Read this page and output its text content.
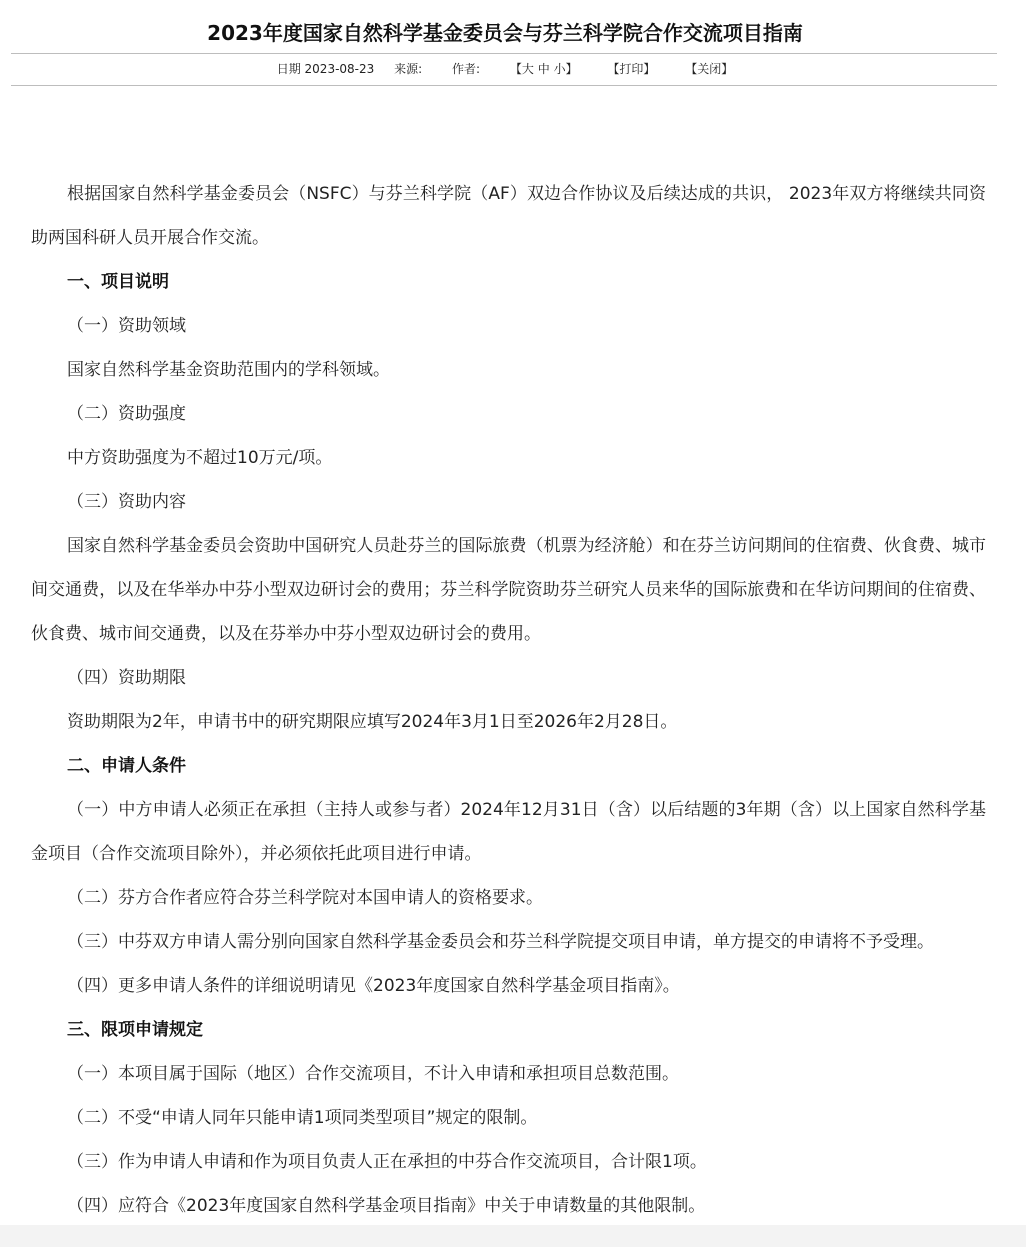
2023年度国家自然科学基金委员会与芬兰科学院合作交流项目指南
日期 2023-08-23 来源: 作者: 【大 中 小】 【打印】 【关闭】

根据国家自然科学基金委员会（NSFC）与芬兰科学院（AF）双边合作协议及后续达成的共识， 2023年双方将继续共同资助两国科研人员开展合作交流。

一、项目说明

（一）资助领域

国家自然科学基金资助范围内的学科领域。

（二）资助强度

中方资助强度为不超过10万元/项。

（三）资助内容

国家自然科学基金委员会资助中国研究人员赴芬兰的国际旅费（机票为经济舱）和在芬兰访问期间的住宿费、伙食费、城市间交通费，以及在华举办中芬小型双边研讨会的费用；芬兰科学院资助芬兰研究人员来华的国际旅费和在华访问期间的住宿费、伙食费、城市间交通费，以及在芬举办中芬小型双边研讨会的费用。

（四）资助期限

资助期限为2年，申请书中的研究期限应填写2024年3月1日至2026年2月28日。

二、申请人条件

（一）中方申请人必须正在承担（主持人或参与者）2024年12月31日（含）以后结题的3年期（含）以上国家自然科学基金项目（合作交流项目除外），并必须依托此项目进行申请。

（二）芬方合作者应符合芬兰科学院对本国申请人的资格要求。

（三）中芬双方申请人需分别向国家自然科学基金委员会和芬兰科学院提交项目申请，单方提交的申请将不予受理。

（四）更多申请人条件的详细说明请见《2023年度国家自然科学基金项目指南》。

三、限项申请规定

（一）本项目属于国际（地区）合作交流项目，不计入申请和承担项目总数范围。

（二）不受“申请人同年只能申请1项同类型项目”规定的限制。

（三）作为申请人申请和作为项目负责人正在承担的中芬合作交流项目，合计限1项。

（四）应符合《2023年度国家自然科学基金项目指南》中关于申请数量的其他限制。
